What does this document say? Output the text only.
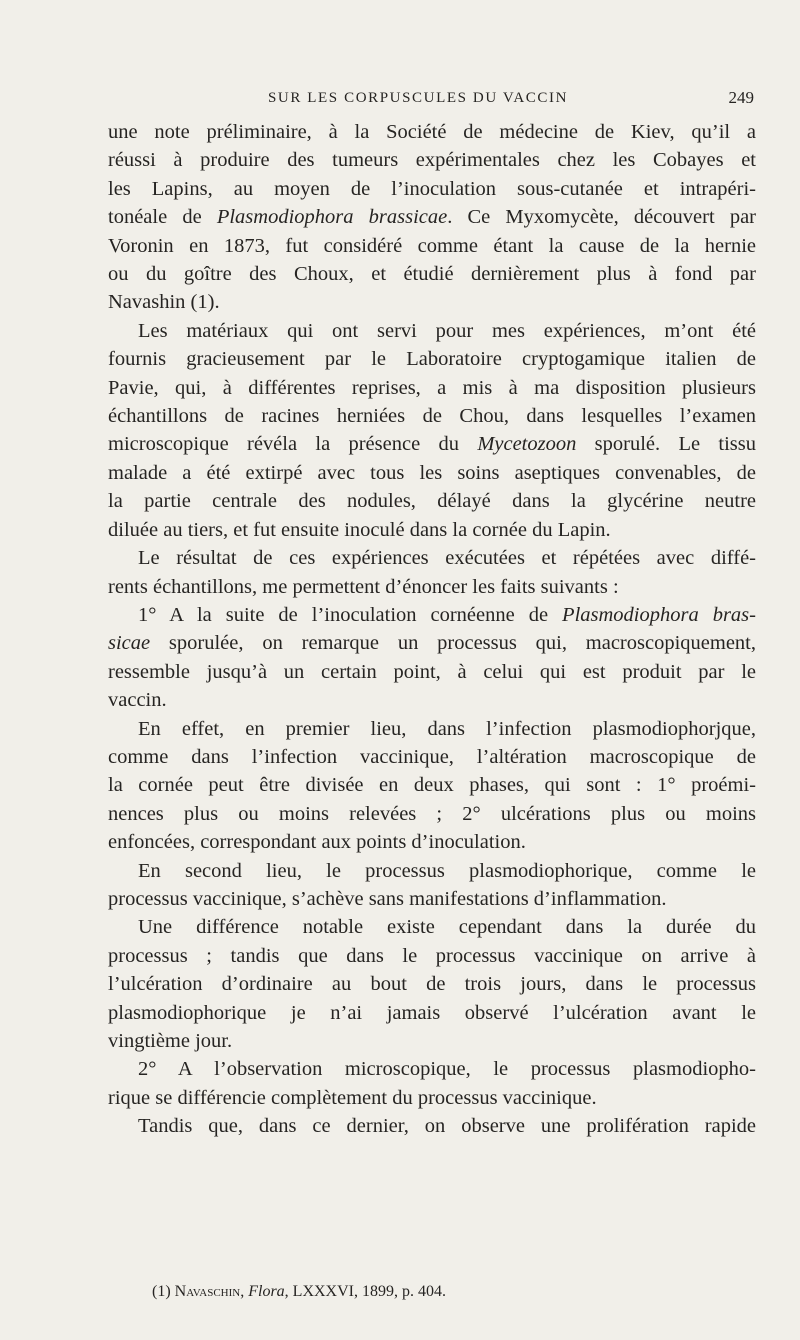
SUR LES CORPUSCULES DU VACCIN	249

une note préliminaire, à la Société de médecine de Kiev, qu’il a
réussi à produire des tumeurs expérimentales chez les Cobayes et
les Lapins, au moyen de l’inoculation sous-cutanée et intrapéri-
tonéale de Plasmodiophora brassicae. Ce Myxomycète, découvert par
Voronin en 1873, fut considéré comme étant la cause de la hernie
ou du goître des Choux, et étudié dernièrement plus à fond par
Navashin (1).

Les matériaux qui ont servi pour mes expériences, m’ont été
fournis gracieusement par le Laboratoire cryptogamique italien de
Pavie, qui, à différentes reprises, a mis à ma disposition plusieurs
échantillons de racines herniées de Chou, dans lesquelles l’examen
microscopique révéla la présence du Mycetozoon sporulé. Le tissu
malade a été extirpé avec tous les soins aseptiques convenables, de
la partie centrale des nodules, délayé dans la glycérine neutre
diluée au tiers, et fut ensuite inoculé dans la cornée du Lapin.

Le résultat de ces expériences exécutées et répétées avec diffé-
rents échantillons, me permettent d’énoncer les faits suivants :

1° A la suite de l’inoculation cornéenne de Plasmodiophora bras-
sicae sporulée, on remarque un processus qui, macroscopiquement,
ressemble jusqu’à un certain point, à celui qui est produit par le
vaccin.

En effet, en premier lieu, dans l’infection plasmodiophorjque,
comme dans l’infection vaccinique, l’altération macroscopique de
la cornée peut être divisée en deux phases, qui sont : 1° proémi-
nences plus ou moins relevées ; 2° ulcérations plus ou moins
enfoncées, correspondant aux points d’inoculation.

En second lieu, le processus plasmodiophorique, comme le
processus vaccinique, s’achève sans manifestations d’inflammation.

Une différence notable existe cependant dans la durée du
processus ; tandis que dans le processus vaccinique on arrive à
l’ulcération d’ordinaire au bout de trois jours, dans le processus
plasmodiophorique je n’ai jamais observé l’ulcération avant le
vingtième jour.

2° A l’observation microscopique, le processus plasmodiopho-
rique se différencie complètement du processus vaccinique.

Tandis que, dans ce dernier, on observe une prolifération rapide

(1) Navaschin, Flora, LXXXVI, 1899, p. 404.
